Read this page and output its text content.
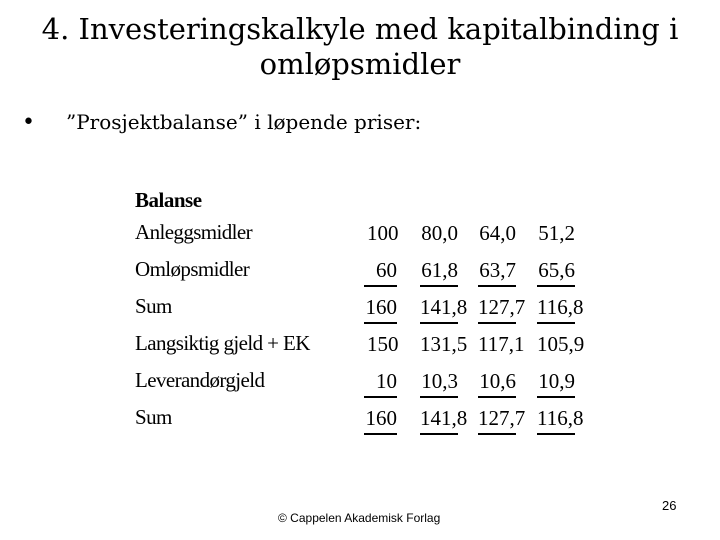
4. Investeringskalkyle med kapitalbinding i
omløpsmidler
• ”Prosjektbalanse” i løpende priser:
Balanse
Anleggsmidler	100 80,0 64,0 51,2
Omløpsmidler	60 61,8 63,7 65,6
Sum	160 141,8 127,7 116,8
Langsiktig gjeld + EK	150 131,5 117,1 105,9
Leverandørgjeld	10 10,3 10,6 10,9
Sum	160 141,8 127,7 116,8
© Cappelen Akademisk Forlag
26
